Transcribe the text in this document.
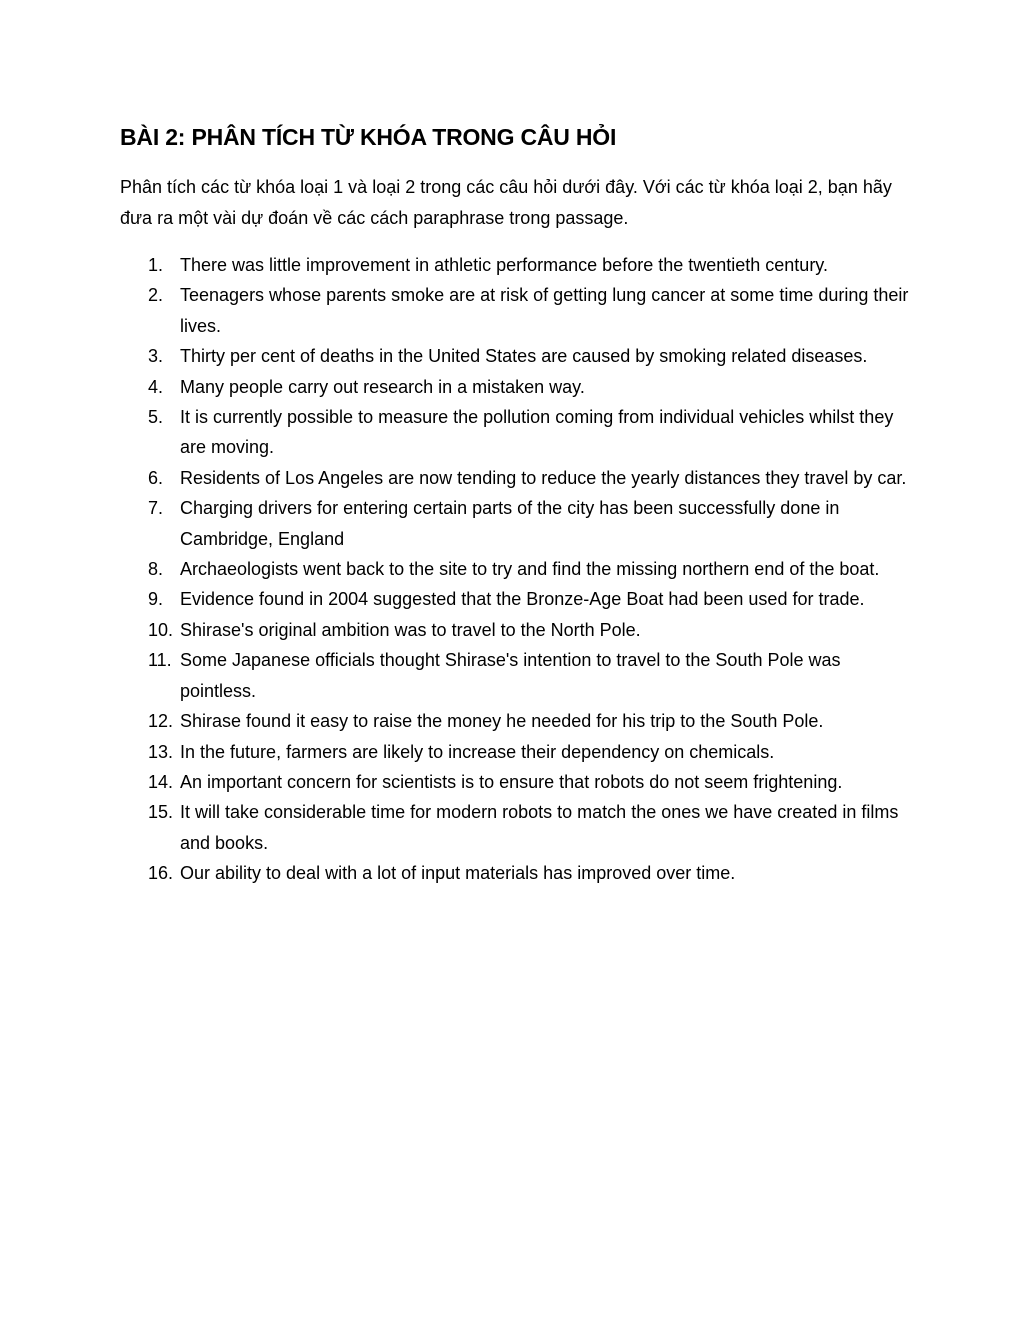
BÀI 2: PHÂN TÍCH TỪ KHÓA TRONG CÂU HỎI

Phân tích các từ khóa loại 1 và loại 2 trong các câu hỏi dưới đây. Với các từ khóa loại 2, bạn hãy đưa ra một vài dự đoán về các cách paraphrase trong passage.

1. There was little improvement in athletic performance before the twentieth century.
2. Teenagers whose parents smoke are at risk of getting lung cancer at some time during their lives.
3. Thirty per cent of deaths in the United States are caused by smoking related diseases.
4. Many people carry out research in a mistaken way.
5. It is currently possible to measure the pollution coming from individual vehicles whilst they are moving.
6. Residents of Los Angeles are now tending to reduce the yearly distances they travel by car.
7. Charging drivers for entering certain parts of the city has been successfully done in Cambridge, England
8. Archaeologists went back to the site to try and find the missing northern end of the boat.
9. Evidence found in 2004 suggested that the Bronze-Age Boat had been used for trade.
10. Shirase's original ambition was to travel to the North Pole.
11. Some Japanese officials thought Shirase's intention to travel to the South Pole was pointless.
12. Shirase found it easy to raise the money he needed for his trip to the South Pole.
13. In the future, farmers are likely to increase their dependency on chemicals.
14. An important concern for scientists is to ensure that robots do not seem frightening.
15. It will take considerable time for modern robots to match the ones we have created in films and books.
16. Our ability to deal with a lot of input materials has improved over time.
